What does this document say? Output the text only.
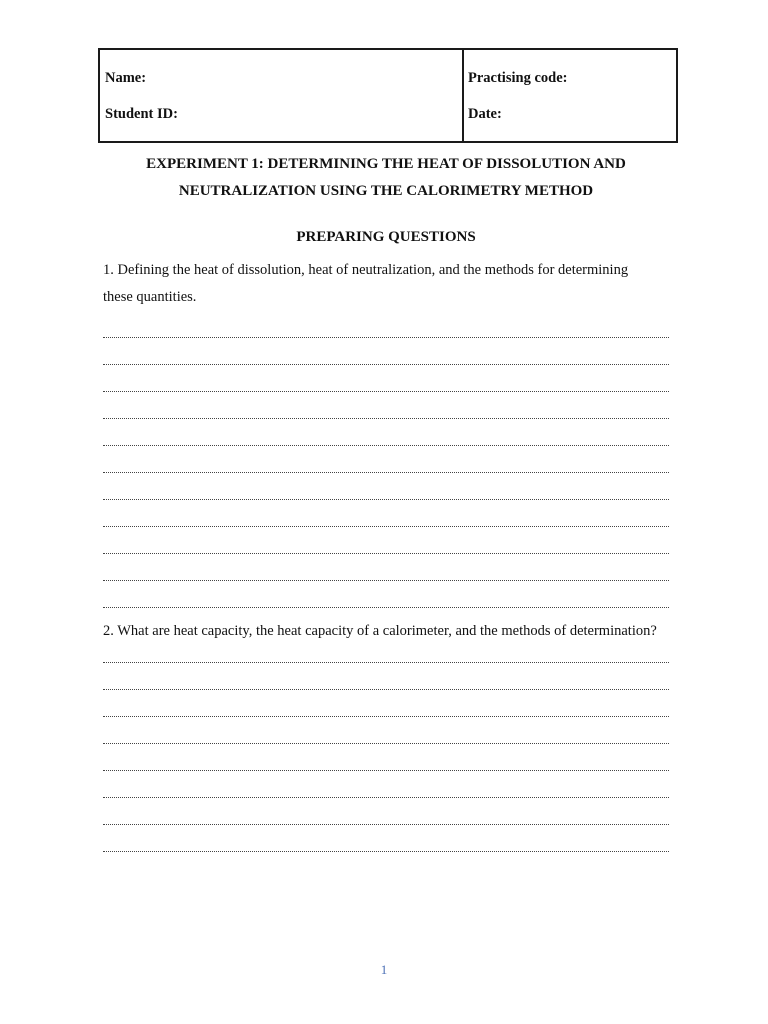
Name:
Student ID:
Practising code:
Date:
EXPERIMENT 1: DETERMINING THE HEAT OF DISSOLUTION AND
NEUTRALIZATION USING THE CALORIMETRY METHOD
PREPARING QUESTIONS
1. Defining the heat of dissolution, heat of neutralization, and the methods for determining
these quantities.
2. What are heat capacity, the heat capacity of a calorimeter, and the methods of determination?
1
